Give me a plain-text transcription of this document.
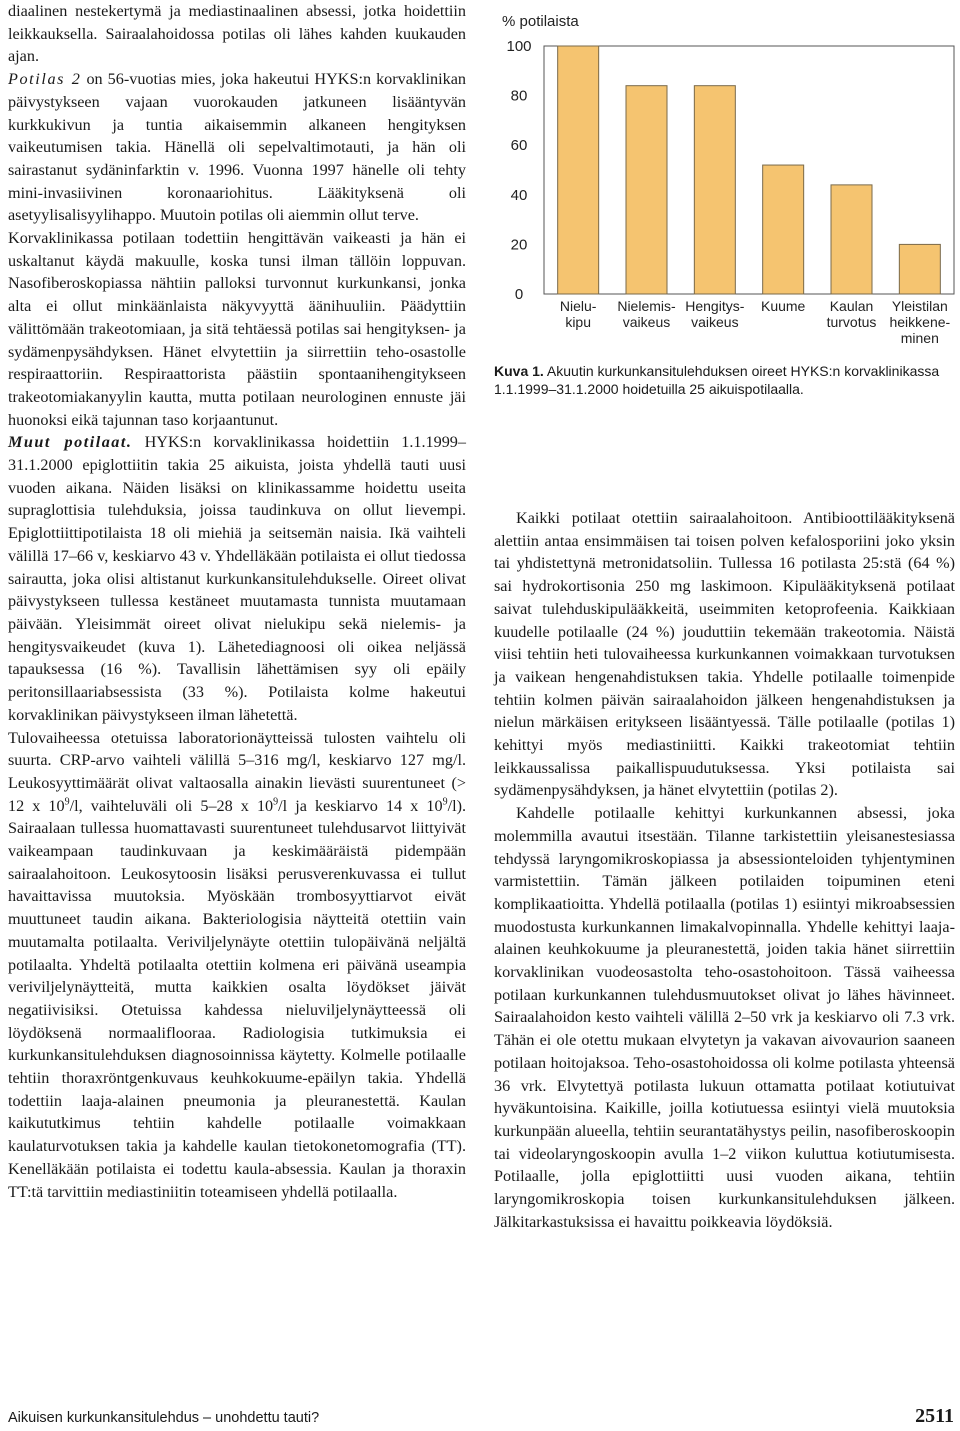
diaalinen nestekertymä ja mediastinaalinen absessi, jotka hoidettiin leikkauksella. Sairaalahoidossa potilas oli lähes kahden kuukauden ajan.

Potilas 2 on 56-vuotias mies, joka hakeutui HYKS:n korvaklinikan päivystykseen vajaan vuorokauden jatkuneen lisääntyvän kurkkukivun ja tuntia aikaisemmin alkaneen hengityksen vaikeutumisen takia. Hänellä oli sepelvaltimotauti, ja hän oli sairastanut sydäninfarktin v. 1996. Vuonna 1997 hänelle oli tehty mini-invasiivinen koronaariohitus. Lääkityksenä oli asetyylisalisyylihappo. Muutoin potilas oli aiemmin ollut terve.

Korvaklinikassa potilaan todettiin hengittävän vaikeasti ja hän ei uskaltanut käydä makuulle, koska tunsi ilman tällöin loppuvan. Nasofiberoskopiassa nähtiin palloksi turvonnut kurkunkansi, jonka alta ei ollut minkäänlaista näkyvyyttä äänihuuliin. Päädyttiin välittömään trakeotomiaan, ja sitä tehtäessä potilas sai hengityksen- ja sydämenpysähdyksen. Hänet elvytettiin ja siirrettiin teho-osastolle respiraattoriin. Respiraattorista päästiin spontaanihengitykseen trakeotomiakanyylin kautta, mutta potilaan neurologinen ennuste jäi huonoksi eikä tajunnan taso korjaantunut.

Muut potilaat. HYKS:n korvaklinikassa hoidettiin 1.1.1999–31.1.2000 epiglottiitin takia 25 aikuista, joista yhdellä tauti uusi vuoden aikana. Näiden lisäksi on klinikassamme hoidettu useita supraglottisia tulehduksia, joissa taudinkuva on ollut lievempi. Epiglottiittipotilaista 18 oli miehiä ja seitsemän naisia. Ikä vaihteli välillä 17–66 v, keskiarvo 43 v. Yhdelläkään potilaista ei ollut tiedossa sairautta, joka olisi altistanut kurkunkansitulehdukselle. Oireet olivat päivystykseen tullessa kestäneet muutamasta tunnista muutamaan päivään. Yleisimmät oireet olivat nielukipu sekä nielemis- ja hengitysvaikeudet (kuva 1). Lähetediagnoosi oli oikea neljässä tapauksessa (16 %). Tavallisin lähettämisen syy oli epäily peritonsillaariabsessista (33 %). Potilaista kolme hakeutui korvaklinikan päivystykseen ilman lähetettä.

Tulovaiheessa otetuissa laboratorionäytteissä tulosten vaihtelu oli suurta. CRP-arvo vaihteli välillä 5–316 mg/l, keskiarvo 127 mg/l. Leukosyyttimäärät olivat valtaosalla ainakin lievästi suurentuneet (> 12 x $10^9/l$, vaihteluväli oli 5–28 x $10^9/l$ ja keskiarvo 14 x $10^9/l$). Sairaalaan tullessa huomattavasti suurentuneet tulehdusarvot liittyivät vaikeampaan taudinkuvaan ja keskimääräistä pidempään sairaalahoitoon. Leukosytoosin lisäksi perusverenkuvassa ei tullut havaittavissa muutoksia. Myöskään trombosyyttiarvot eivät muuttuneet taudin aikana. Bakteriologisia näytteitä otettiin vain muutamalta potilaalta. Veriviljelynäyte otettiin tulopäivänä neljältä potilaalta. Yhdeltä potilaalta otettiin kolmena eri päivänä useampia veriviljelynäytteitä, mutta kaikkien osalta löydökset jäivät negatiivisiksi. Otetuissa kahdessa nieluviljelynäytteessä oli löydöksenä normaaliflooraa. Radiologisia tutkimuksia ei kurkunkansitulehduksen diagnosoinnissa käytetty. Kolmelle potilaalle tehtiin thoraxröntgenkuvaus keuhkokuume-epäilyn takia. Yhdellä todettiin laaja-alainen pneumonia ja pleuranestettä. Kaulan kaikututkimus tehtiin kahdelle potilaalle voimakkaan kaulaturvotuksen takia ja kahdelle kaulan tietokonetomografia (TT). Kenelläkään potilaista ei todettu kaula-absessia. Kaulan ja thoraxin TT:tä tarvittiin mediastiniitin toteamiseen yhdellä potilaalla.

% potilaista
0
20
40
60
80
100
Nielu-
kipu
Nielemis-
vaikeus
Hengitys-
vaikeus
Kuume Kaulan
turvotus
Yleistilan
heikkene-
minen
Kuva 1. Akuutin kurkunkansitulehduksen oireet HYKS:n korvaklinikassa 1.1.1999–31.1.2000 hoidetuilla 25 aikuispotilaalla.

Kaikki potilaat otettiin sairaalahoitoon. Antibioottilääkityksenä alettiin antaa ensimmäisen tai toisen polven kefalosporiini joko yksin tai yhdistettynä metronidatsoliin. Tullessa 16 potilasta 25:stä (64 %) sai hydrokortisonia 250 mg laskimoon. Kipulääkityksenä potilaat saivat tulehduskipulääkkeitä, useimmiten ketoprofeenia. Kaikkiaan kuudelle potilaalle (24 %) jouduttiin tekemään trakeotomia. Näistä viisi tehtiin heti tulovaiheessa kurkunkannen voimakkaan turvotuksen ja vaikean hengenahdistuksen takia. Yhdelle potilaalle toimenpide tehtiin kolmen päivän sairaalahoidon jälkeen hengenahdistuksen ja nielun märkäisen eritykseen lisääntyessä. Tälle potilaalle (potilas 1) kehittyi myös mediastiniitti. Kaikki trakeotomiat tehtiin leikkaussalissa paikallispuudutuksessa. Yksi potilaista sai sydämenpysähdyksen, ja hänet elvytettiin (potilas 2).

Kahdelle potilaalle kehittyi kurkunkannen absessi, joka molemmilla avautui itsestään. Tilanne tarkistettiin yleisanestesiassa tehdyssä laryngomikroskopiassa ja absessionteloiden tyhjentyminen varmistettiin. Tämän jälkeen potilaiden toipuminen eteni komplikaatioitta. Yhdellä potilaalla (potilas 1) esiintyi mikroabsessien muodostusta kurkunkannen limakalvopinnalla. Yhdelle kehittyi laaja-alainen keuhkokuume ja pleuranestettä, joiden takia hänet siirrettiin korvaklinikan vuodeosastolta teho-osastohoitoon. Tässä vaiheessa potilaan kurkunkannen tulehdusmuutokset olivat jo lähes hävinneet. Sairaalahoidon kesto vaihteli välillä 2–50 vrk ja keskiarvo oli 7.3 vrk. Tähän ei ole otettu mukaan elvytetyn ja vakavan aivovaurion saaneen potilaan hoitojaksoa. Teho-osastohoidossa oli kolme potilasta yhteensä 36 vrk. Elvytettyä potilasta lukuun ottamatta potilaat kotiutuivat hyväkuntoisina. Kaikille, joilla kotiutuessa esiintyi vielä muutoksia kurkunpään alueella, tehtiin seurantatähystys peilin, nasofiberoskoopin tai videolaryngoskoopin avulla 1–2 viikon kuluttua kotiutumisesta. Potilaalle, jolla epiglottiitti uusi vuoden aikana, tehtiin laryngomikroskopia toisen kurkunkansitulehduksen jälkeen. Jälkitarkastuksissa ei havaittu poikkeavia löydöksiä.

Aikuisen kurkunkansitulehdus – unohdettu tauti?	2511
